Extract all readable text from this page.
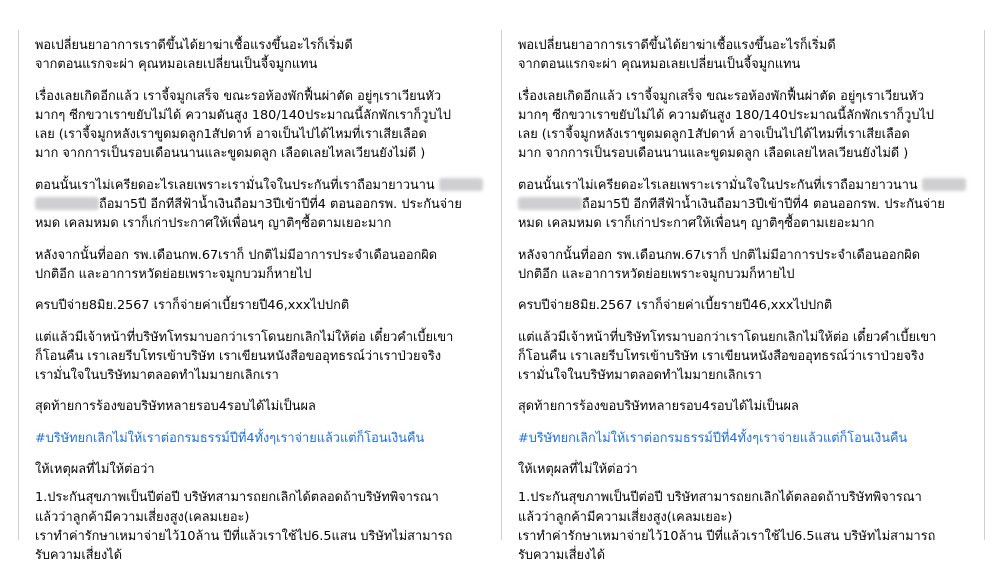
พอเปลี่ยนยาอาการเราดีขึ้นได้ยาฆ่าเชื้อแรงขึ้นอะไรก็เริ่มดี
จากตอนแรกจะผ่า คุณหมอเลยเปลี่ยนเป็นจี้จมูกแทน

เรื่องเลยเกิดอีกแล้ว เราจี้จมูกเสร็จ ขณะรอห้องพักฟื้นผ่าตัด อยู่ๆเราเวียนหัว
มากๆ ซีกขวาเราขยับไม่ได้ ความดันสูง 180/140ประมาณนี้ลักพักเราก็วูบไป
เลย (เราจี้จมูกหลังเราขูดมดลูก1สัปดาห์ อาจเป็นไปได้ไหมที่เราเสียเลือด
มาก จากการเป็นรอบเดือนนานและขูดมดลูก เลือดเลยไหลเวียนยังไม่ดี )

ตอนนั้นเราไม่เครียดอะไรเลยเพราะเรามั่นใจในประกันที่เราถือมายาวนาน
ถือมา5ปี อีกทีสีฟ้าน้ำเงินถือมา3ปีเข้าปีที่4 ตอนออกรพ. ประกันจ่าย
หมด เคลมหมด เราก็เก่าประกาศให้เพื่อนๆ ญาติๆซื้อตามเยอะมาก

หลังจากนั้นที่ออก รพ.เดือนกพ.67เราก็ ปกติไม่มีอาการประจำเดือนออกผิด
ปกติอีก และอาการหวัดย่อยเพราะจมูกบวมก็หายไป

ครบปีจ่าย8มิย.2567 เราก็จ่ายค่าเบี้ยรายปี46,xxxไปปกติ

แต่แล้วมีเจ้าหน้าที่บริษัทโทรมาบอกว่าเราโดนยกเลิกไม่ให้ต่อ เดี๋ยวคำเบี้ยเขา
ก็โอนคืน เราเลยรีบโทรเข้าบริษัท เราเขียนหนังสือขออุทธรณ์ว่าเราป่วยจริง
เรามั่นใจในบริษัทมาตลอดทำไมมายกเลิกเรา

สุดท้ายการร้องขอบริษัทหลายรอบ4รอบได้ไม่เป็นผล

#บริษัทยกเลิกไม่ให้เราต่อกรมธรรม์ปีที่4ทั้งๆเราจ่ายแล้วแต่ก็โอนเงินคืน

ให้เหตุผลที่ไม่ให้ต่อว่า

1.ประกันสุขภาพเป็นปีต่อปี บริษัทสามารถยกเลิกได้ตลอดถ้าบริษัทพิจารณา
แล้วว่าลูกค้ามีความเสี่ยงสูง(เคลมเยอะ)
เราทำค่ารักษาเหมาจ่ายไว้10ล้าน ปีที่แล้วเราใช้ไป6.5แสน บริษัทไม่สามารถ
รับความเสี่ยงได้

พอเปลี่ยนยาอาการเราดีขึ้นได้ยาฆ่าเชื้อแรงขึ้นอะไรก็เริ่มดี
จากตอนแรกจะผ่า คุณหมอเลยเปลี่ยนเป็นจี้จมูกแทน

เรื่องเลยเกิดอีกแล้ว เราจี้จมูกเสร็จ ขณะรอห้องพักฟื้นผ่าตัด อยู่ๆเราเวียนหัว
มากๆ ซีกขวาเราขยับไม่ได้ ความดันสูง 180/140ประมาณนี้ลักพักเราก็วูบไป
เลย (เราจี้จมูกหลังเราขูดมดลูก1สัปดาห์ อาจเป็นไปได้ไหมที่เราเสียเลือด
มาก จากการเป็นรอบเดือนนานและขูดมดลูก เลือดเลยไหลเวียนยังไม่ดี )

ตอนนั้นเราไม่เครียดอะไรเลยเพราะเรามั่นใจในประกันที่เราถือมายาวนาน
ถือมา5ปี อีกทีสีฟ้าน้ำเงินถือมา3ปีเข้าปีที่4 ตอนออกรพ. ประกันจ่าย
หมด เคลมหมด เราก็เก่าประกาศให้เพื่อนๆ ญาติๆซื้อตามเยอะมาก

หลังจากนั้นที่ออก รพ.เดือนกพ.67เราก็ ปกติไม่มีอาการประจำเดือนออกผิด
ปกติอีก และอาการหวัดย่อยเพราะจมูกบวมก็หายไป

ครบปีจ่าย8มิย.2567 เราก็จ่ายค่าเบี้ยรายปี46,xxxไปปกติ

แต่แล้วมีเจ้าหน้าที่บริษัทโทรมาบอกว่าเราโดนยกเลิกไม่ให้ต่อ เดี๋ยวคำเบี้ยเขา
ก็โอนคืน เราเลยรีบโทรเข้าบริษัท เราเขียนหนังสือขออุทธรณ์ว่าเราป่วยจริง
เรามั่นใจในบริษัทมาตลอดทำไมมายกเลิกเรา

สุดท้ายการร้องขอบริษัทหลายรอบ4รอบได้ไม่เป็นผล

#บริษัทยกเลิกไม่ให้เราต่อกรมธรรม์ปีที่4ทั้งๆเราจ่ายแล้วแต่ก็โอนเงินคืน

ให้เหตุผลที่ไม่ให้ต่อว่า

1.ประกันสุขภาพเป็นปีต่อปี บริษัทสามารถยกเลิกได้ตลอดถ้าบริษัทพิจารณา
แล้วว่าลูกค้ามีความเสี่ยงสูง(เคลมเยอะ)
เราทำค่ารักษาเหมาจ่ายไว้10ล้าน ปีที่แล้วเราใช้ไป6.5แสน บริษัทไม่สามารถ
รับความเสี่ยงได้
